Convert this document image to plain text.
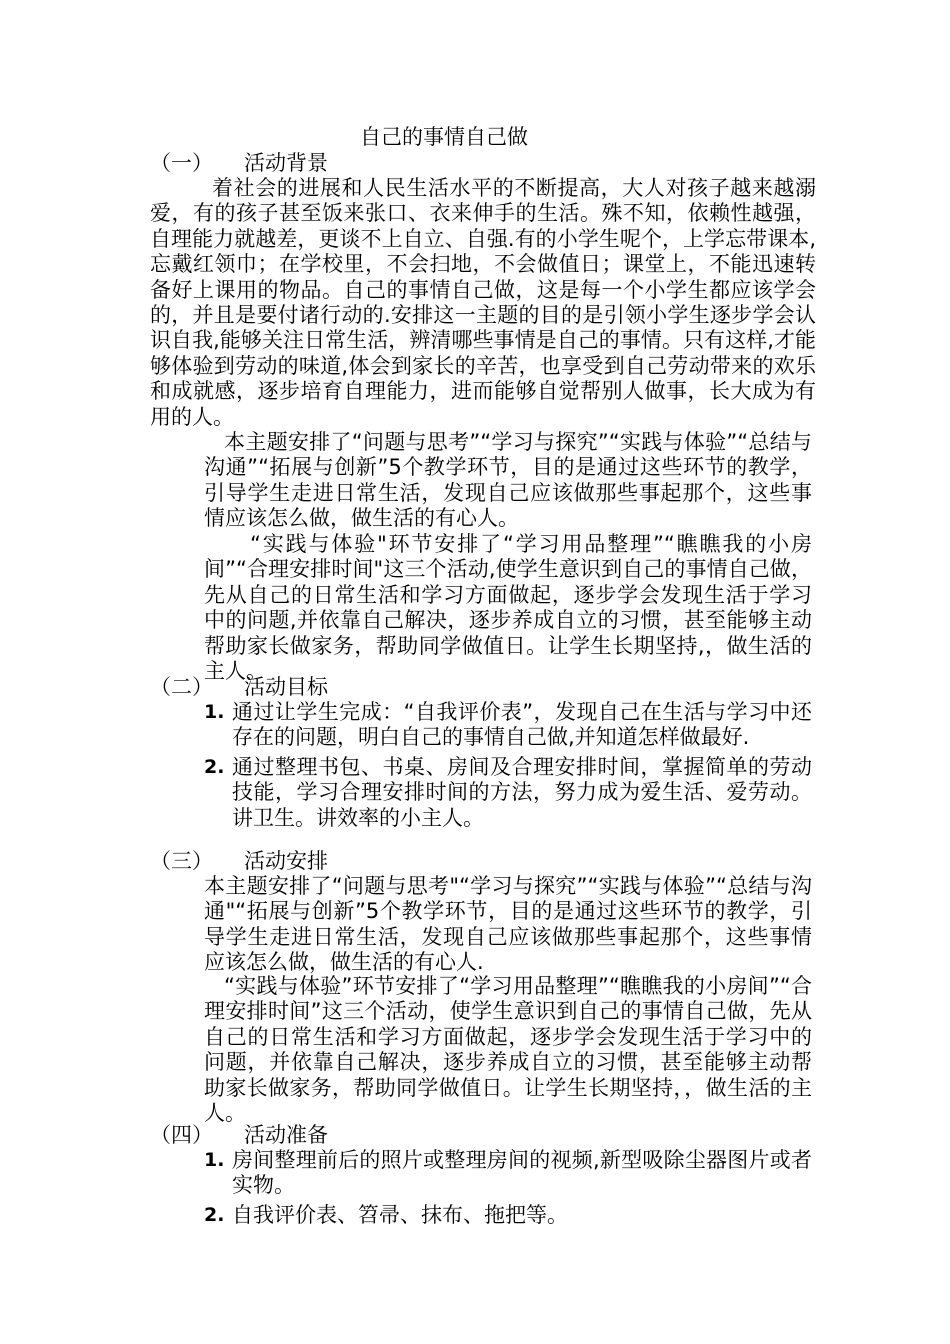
自己的事情自己做
（一） 活动背景

着社会的进展和人民生活水平的不断提高，大人对孩子越来越溺爱，有的孩子甚至饭来张口、衣来伸手的生活。殊不知，依赖性越强，自理能力就越差，更谈不上自立、自强.有的小学生呢个，上学忘带课本,忘戴红领巾；在学校里，不会扫地，不会做值日；课堂上，不能迅速转备好上课用的物品。自己的事情自己做，这是每一个小学生都应该学会的，并且是要付诸行动的.安排这一主题的目的是引领小学生逐步学会认识自我,能够关注日常生活，辨清哪些事情是自己的事情。只有这样,才能够体验到劳动的味道,体会到家长的辛苦，也享受到自己劳动带来的欢乐和成就感，逐步培育自理能力，进而能够自觉帮别人做事，长大成为有用的人。

本主题安排了“问题与思考”“学习与探究”“实践与体验”“总结与沟通”“拓展与创新”5个教学环节，目的是通过这些环节的教学，引导学生走进日常生活，发现自己应该做那些事起那个，这些事情应该怎么做，做生活的有心人。

“实践与体验"环节安排了“学习用品整理”“瞧瞧我的小房间”“合理安排时间"这三个活动,使学生意识到自己的事情自己做，先从自己的日常生活和学习方面做起，逐步学会发现生活于学习中的问题,并依靠自己解决，逐步养成自立的习惯，甚至能够主动帮助家长做家务，帮助同学做值日。让学生长期坚持,，做生活的主人。

（二） 活动目标
1. 通过让学生完成：“自我评价表”，发现自己在生活与学习中还存在的问题，明白自己的事情自己做,并知道怎样做最好.
2. 通过整理书包、书桌、房间及合理安排时间，掌握简单的劳动技能，学习合理安排时间的方法，努力成为爱生活、爱劳动。讲卫生。讲效率的小主人。
（三） 活动安排

本主题安排了“问题与思考"“学习与探究”“实践与体验”“总结与沟通"“拓展与创新”5个教学环节，目的是通过这些环节的教学，引导学生走进日常生活，发现自己应该做那些事起那个，这些事情应该怎么做，做生活的有心人.

“实践与体验”环节安排了“学习用品整理”“瞧瞧我的小房间”“合理安排时间”这三个活动，使学生意识到自己的事情自己做，先从自己的日常生活和学习方面做起，逐步学会发现生活于学习中的问题，并依靠自己解决，逐步养成自立的习惯，甚至能够主动帮助家长做家务，帮助同学做值日。让学生长期坚持，，做生活的主人。

（四） 活动准备
1. 房间整理前后的照片或整理房间的视频,新型吸除尘器图片或者实物。
2. 自我评价表、笤帚、抹布、拖把等。
